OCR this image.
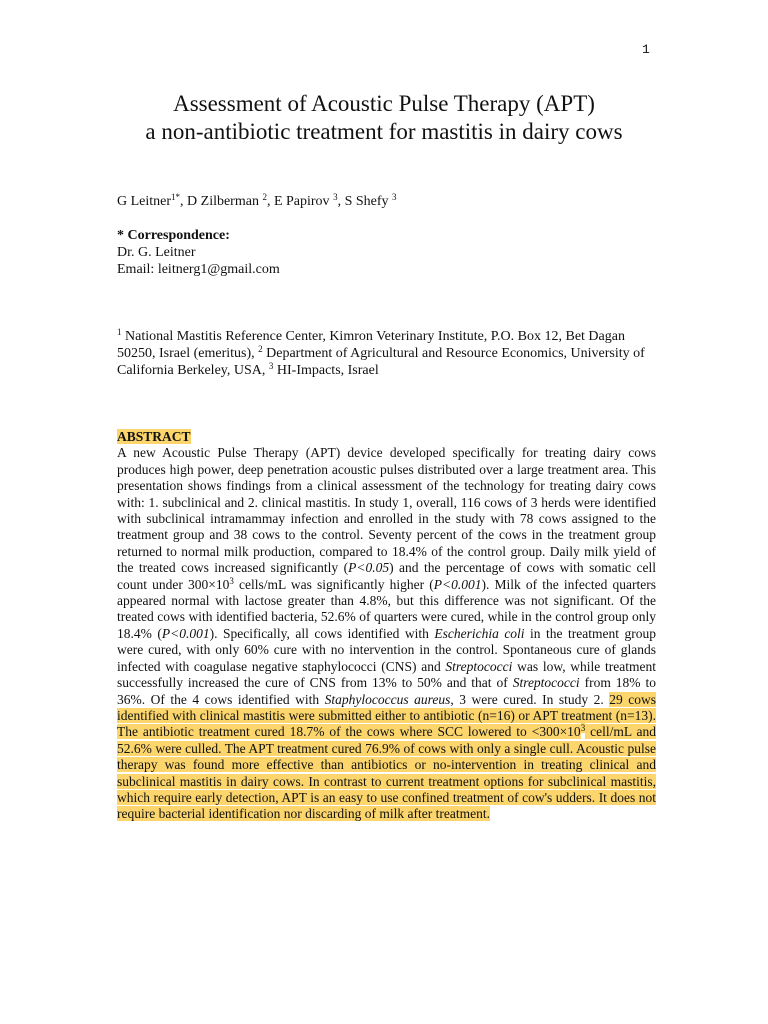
1
Assessment of Acoustic Pulse Therapy (APT)
a non-antibiotic treatment for mastitis in dairy cows
G Leitner$^{1*}$, D Zilberman $^2$, E Papirov $^3$, S Shefy $^3$
* Correspondence:
Dr. G. Leitner
Email: leitnerg1@gmail.com
$^1$ National Mastitis Reference Center, Kimron Veterinary Institute, P.O. Box 12, Bet Dagan 50250, Israel (emeritus), $^2$ Department of Agricultural and Resource Economics, University of California Berkeley, USA, $^3$ HI-Impacts, Israel
ABSTRACT
A new Acoustic Pulse Therapy (APT) device developed specifically for treating dairy cows produces high power, deep penetration acoustic pulses distributed over a large treatment area. This presentation shows findings from a clinical assessment of the technology for treating dairy cows with: 1. subclinical and 2. clinical mastitis. In study 1, overall, 116 cows of 3 herds were identified with subclinical intramammay infection and enrolled in the study with 78 cows assigned to the treatment group and 38 cows to the control. Seventy percent of the cows in the treatment group returned to normal milk production, compared to 18.4% of the control group. Daily milk yield of the treated cows increased significantly (P<0.05) and the percentage of cows with somatic cell count under $300\times 10^3$ cells/mL was significantly higher (P<0.001). Milk of the infected quarters appeared normal with lactose greater than 4.8%, but this difference was not significant. Of the treated cows with identified bacteria, 52.6% of quarters were cured, while in the control group only 18.4% (P<0.001). Specifically, all cows identified with Escherichia coli in the treatment group were cured, with only 60% cure with no intervention in the control. Spontaneous cure of glands infected with coagulase negative staphylococci (CNS) and Streptococci was low, while treatment successfully increased the cure of CNS from 13% to 50% and that of Streptococci from 18% to 36%. Of the 4 cows identified with Staphylococcus aureus, 3 were cured. In study 2. 29 cows identified with clinical mastitis were submitted either to antibiotic (n=16) or APT treatment (n=13). The antibiotic treatment cured 18.7% of the cows where SCC lowered to $<300\times 10^3$ cell/mL and 52.6% were culled. The APT treatment cured 76.9% of cows with only a single cull. Acoustic pulse therapy was found more effective than antibiotics or no-intervention in treating clinical and subclinical mastitis in dairy cows. In contrast to current treatment options for subclinical mastitis, which require early detection, APT is an easy to use confined treatment of cow's udders. It does not require bacterial identification nor discarding of milk after treatment.
